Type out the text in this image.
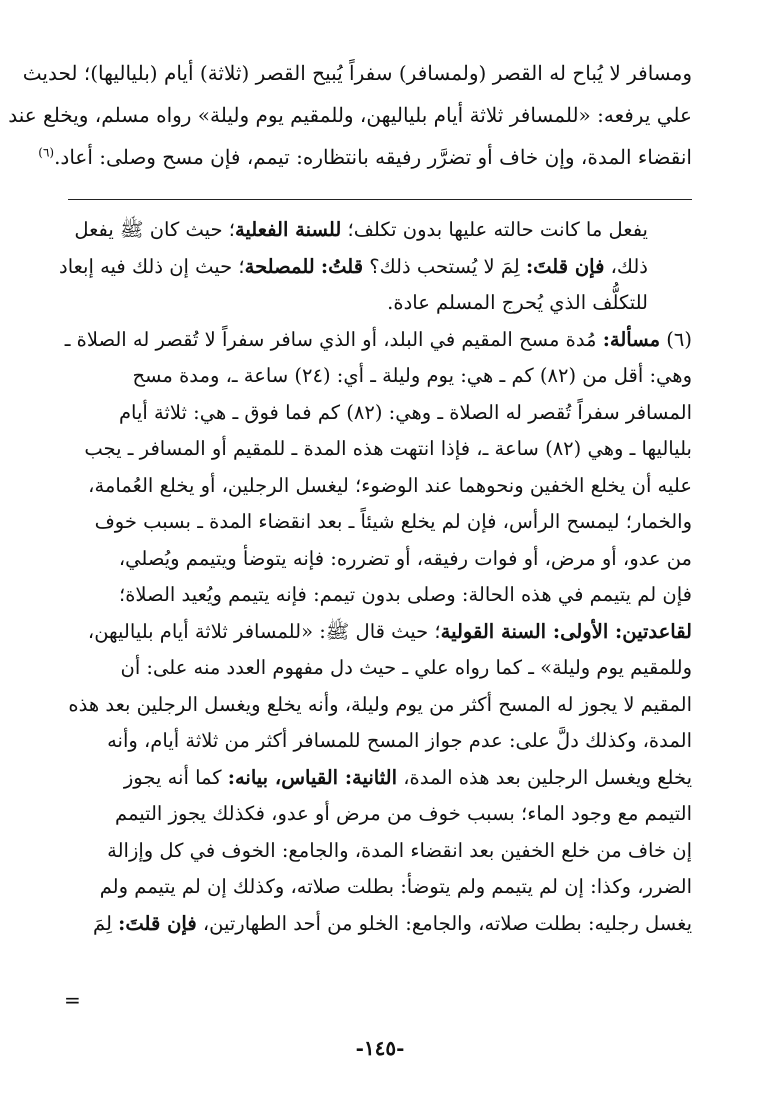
ومسافر لا يُباح له القصر (ولمسافر) سفراً يُبيح القصر (ثلاثة) أيام (بلياليها)؛ لحديث
علي يرفعه: «للمسافر ثلاثة أيام بلياليهن، وللمقيم يوم وليلة» رواه مسلم، ويخلع عند
انقضاء المدة، وإن خاف أو تضرَّر رفيقه بانتظاره: تيمم، فإن مسح وصلى: أعاد.$^{(٦)}$
يفعل ما كانت حالته عليها بدون تكلف؛ للسنة الفعلية؛ حيث كان ﷺ يفعل
ذلك، فإن قلتَ: لِمَ لا يُستحب ذلك؟ قلتُ: للمصلحة؛ حيث إن ذلك فيه إبعاد
للتكلُّف الذي يُحرج المسلم عادة.
(٦) مسألة: مُدة مسح المقيم في البلد، أو الذي سافر سفراً لا تُقصر له الصلاة ـ
وهي: أقل من (٨٢) كم ـ هي: يوم وليلة ـ أي: (٢٤) ساعة ـ، ومدة مسح
المسافر سفراً تُقصر له الصلاة ـ وهي: (٨٢) كم فما فوق ـ هي: ثلاثة أيام
بلياليها ـ وهي (٨٢) ساعة ـ، فإذا انتهت هذه المدة ـ للمقيم أو المسافر ـ يجب
عليه أن يخلع الخفين ونحوهما عند الوضوء؛ ليغسل الرجلين، أو يخلع العُمامة،
والخمار؛ ليمسح الرأس، فإن لم يخلع شيئاً ـ بعد انقضاء المدة ـ بسبب خوف
من عدو، أو مرض، أو فوات رفيقه، أو تضرره: فإنه يتوضأ ويتيمم ويُصلي،
فإن لم يتيمم في هذه الحالة: وصلى بدون تيمم: فإنه يتيمم ويُعيد الصلاة؛
لقاعدتين: الأولى: السنة القولية؛ حيث قال ﷺ: «للمسافر ثلاثة أيام بلياليهن،
وللمقيم يوم وليلة» ـ كما رواه علي ـ حيث دل مفهوم العدد منه على: أن
المقيم لا يجوز له المسح أكثر من يوم وليلة، وأنه يخلع ويغسل الرجلين بعد هذه
المدة، وكذلك دلَّ على: عدم جواز المسح للمسافر أكثر من ثلاثة أيام، وأنه
يخلع ويغسل الرجلين بعد هذه المدة، الثانية: القياس، بيانه: كما أنه يجوز
التيمم مع وجود الماء؛ بسبب خوف من مرض أو عدو، فكذلك يجوز التيمم
إن خاف من خلع الخفين بعد انقضاء المدة، والجامع: الخوف في كل وإزالة
الضرر، وكذا: إن لم يتيمم ولم يتوضأ: بطلت صلاته، وكذلك إن لم يتيمم ولم
يغسل رجليه: بطلت صلاته، والجامع: الخلو من أحد الطهارتين، فإن قلتَ: لِمَ
=
-١٤٥-
